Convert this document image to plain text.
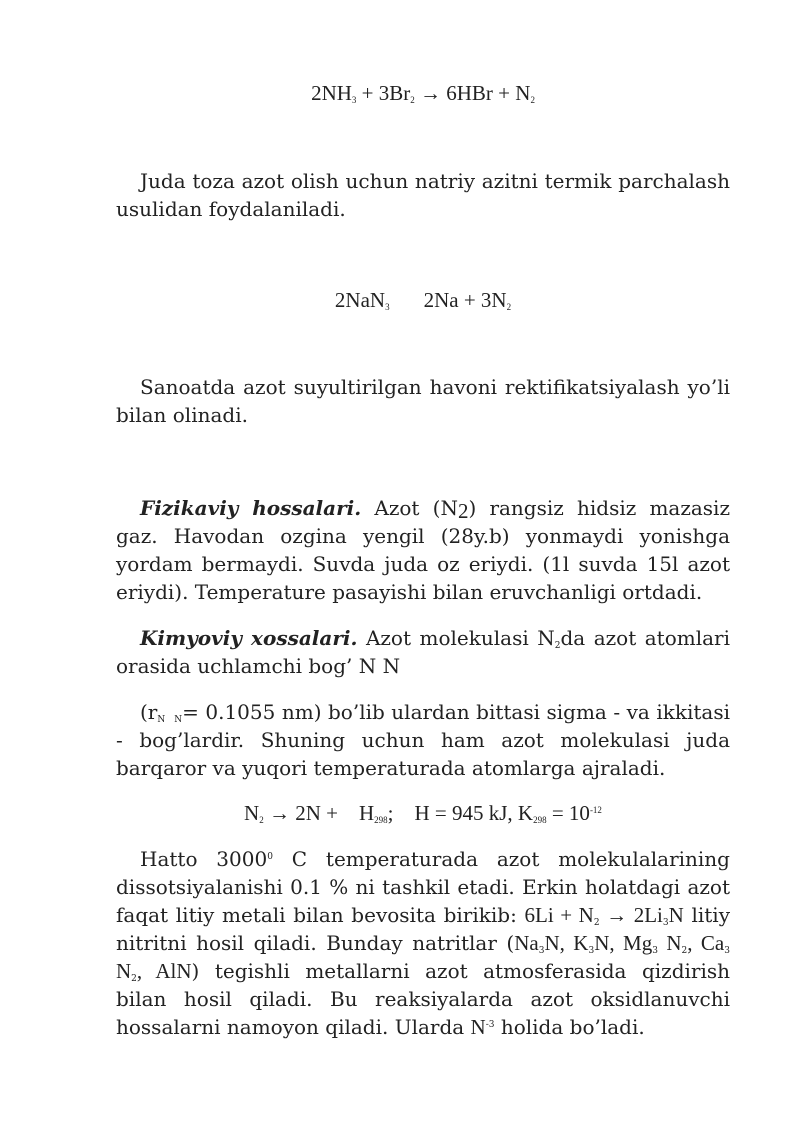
$2NH_3 + 3Br_2 \to 6HBr + N_2$
Juda toza azot olish uchun natriy azitni termik parchalash usulidan foydalaniladi.
2NaN$_3$ $2Na + 3N_2$
Sanoatda azot suyultirilgan havoni rektifikatsiyalash yo’li bilan olinadi.
Fizikaviy hossalari. Azot $(N_2)$ rangsiz hidsiz mazasiz gaz. Havodan ozgina yengil (28y.b) yonmaydi yonishga yordam bermaydi. Suvda juda oz eriydi. (1l suvda 15l azot eriydi). Temperature pasayishi bilan eruvchanligi ortdadi.
Kimyoviy xossalari. Azot molekulasi $N_2da$ azot atomlari orasida uchlamchi bog’ N N
($r_{N N}= 0.1055$ nm) bo’lib ulardan bittasi sigma - va ikkitasi - bog’lardir. Shuning uchun ham azot molekulasi juda barqaror va yuqori temperaturada atomlarga ajraladi.
$N_2 \to 2N$ +    $H_{298}$;    H = 945 kJ, $K_{298} = 10^{-12}$
Hatto 3000$^0$ C temperaturada azot molekulalarining dissotsiyalanishi 0.1 % ni tashkil etadi. Erkin holatdagi azot faqat litiy metali bilan bevosita birikib: $6Li + N_2 \to 2Li_3N$ litiy nitritni hosil qiladi. Bunday natritlar ($Na_3N$, $K_3N$, $Mg_3$ $N_2$, $Ca_3$ $N_2$, AlN) tegishli metallarni azot atmosferasida qizdirish bilan hosil qiladi. Bu reaksiyalarda azot oksidlanuvchi hossalarni namoyon qiladi. Ularda $N^{-3}$ holida bo’ladi.
